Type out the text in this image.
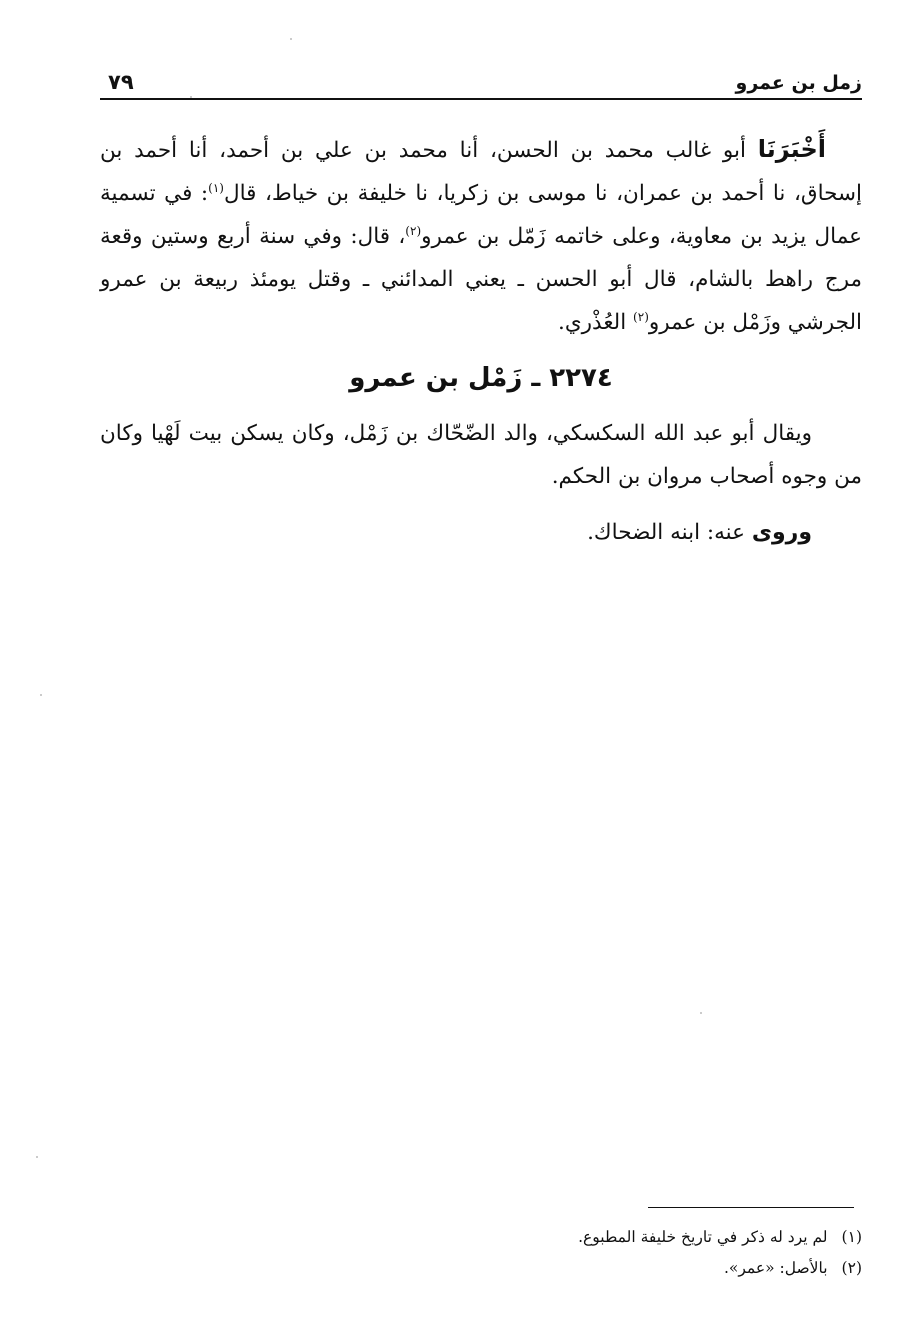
زمل بن عمرو
٧٩

أَخْبَرَنَا أبو غالب محمد بن الحسن، أنا محمد بن علي بن أحمد، أنا أحمد بن إسحاق، نا أحمد بن عمران، نا موسى بن زكريا، نا خليفة بن خياط، قال$^{(١)}$: في تسمية عمال يزيد بن معاوية، وعلى خاتمه زَمّل بن عمرو$^{(٢)}$، قال: وفي سنة أربع وستين وقعة مرج راهط بالشام، قال أبو الحسن ـ يعني المدائني ـ وقتل يومئذ ربيعة بن عمرو الجرشي وزَمْل بن عمرو$^{(٢)}$ العُذْري.

٢٢٧٤ ـ زَمْل بن عمرو

ويقال أبو عبد الله السكسكي، والد الضّحّاك بن زَمْل، وكان يسكن بيت لَهْيا وكان من وجوه أصحاب مروان بن الحكم.

وروى عنه: ابنه الضحاك.

(١)لم يرد له ذكر في تاريخ خليفة المطبوع.
(٢)بالأصل: «عمر».
